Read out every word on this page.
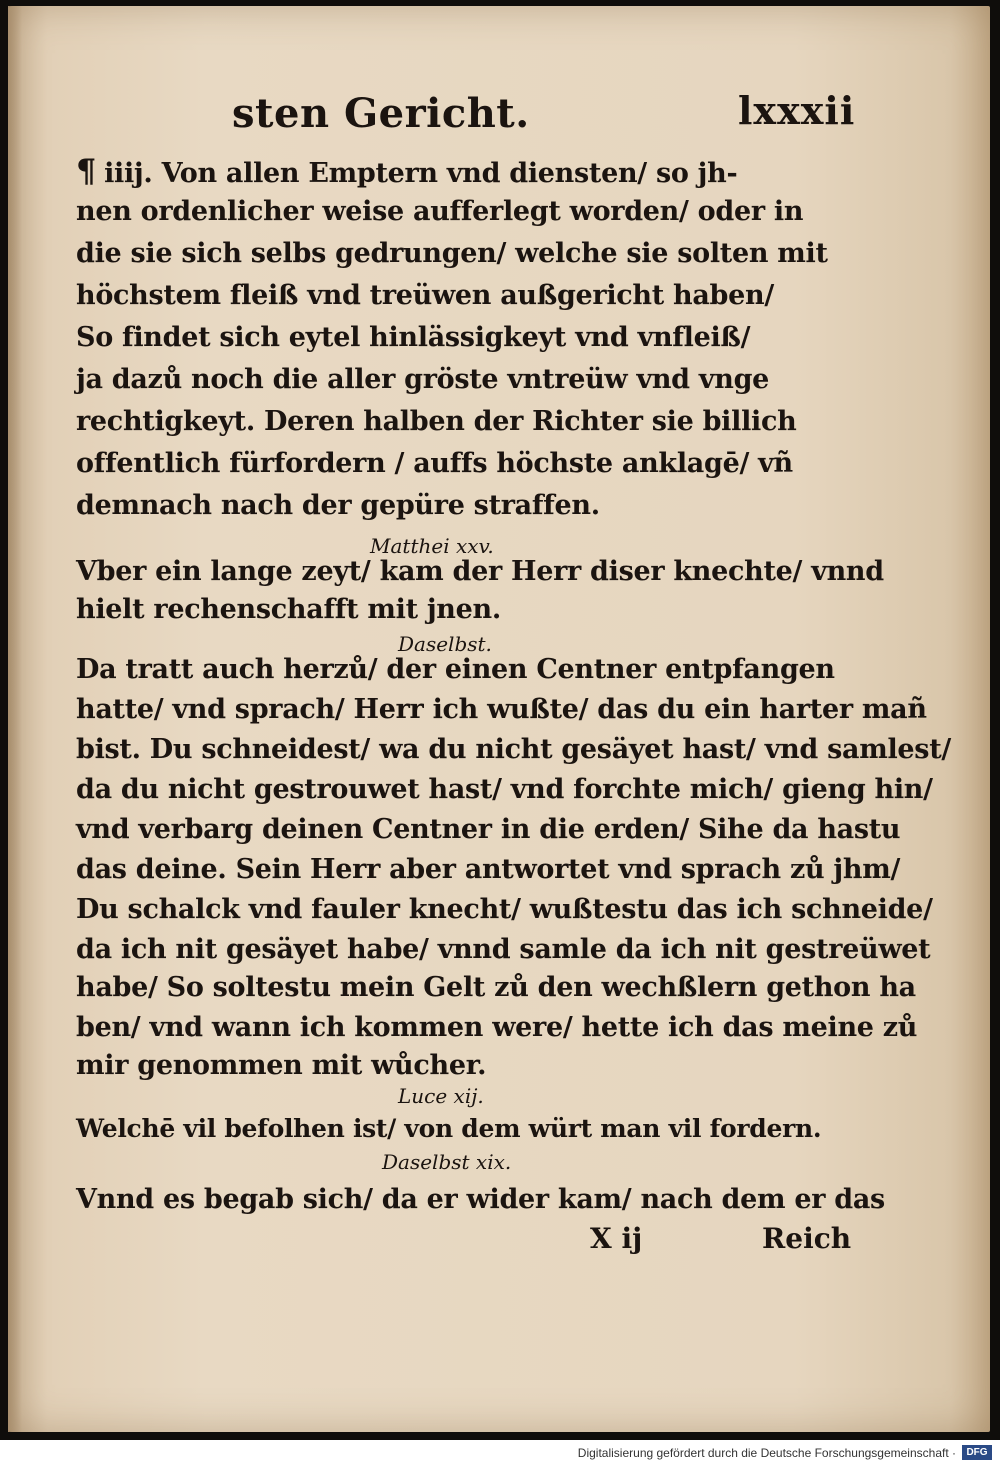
sten Gericht.	lxxxii
¶ iiij. Von allen Emptern vnd diensten/ so jh-
nen ordenlicher weise aufferlegt worden/ oder in
die sie sich selbs gedrungen/ welche sie solten mit
höchstem fleiß vnd treüwen außgericht haben/
So findet sich eytel hinlässigkeyt vnd vnfleiß/
ja dazů noch die aller gröste vntreüw vnd vnge
rechtigkeyt. Deren halben der Richter sie billich
offentlich fürfordern / auffs höchste anklagē/ vñ
demnach nach der gepüre straffen.
Matthei xxv.
Vber ein lange zeyt/ kam der Herr diser knechte/ vnnd
hielt rechenschafft mit jnen.
Daselbst.
Da tratt auch herzů/ der einen Centner entpfangen
hatte/ vnd sprach/ Herr ich wußte/ das du ein harter mañ
bist. Du schneidest/ wa du nicht gesäyet hast/ vnd samlest/
da du nicht gestrouwet hast/ vnd forchte mich/ gieng hin/
vnd verbarg deinen Centner in die erden/ Sihe da hastu
das deine. Sein Herr aber antwortet vnd sprach zů jhm/
Du schalck vnd fauler knecht/ wußtestu das ich schneide/
da ich nit gesäyet habe/ vnnd samle da ich nit gestreüwet
habe/ So soltestu mein Gelt zů den wechßlern gethon ha
ben/ vnd wann ich kommen were/ hette ich das meine zů
mir genommen mit wůcher.
Luce xij.
Welchē vil befolhen ist/ von dem würt man vil fordern.
Daselbst xix.
X ij	Reich
Digitalisierung gefördert durch die Deutsche Forschungsgemeinschaft ·	DFG
Vnnd es begab sich/ da er wider kam/ nach dem er das
